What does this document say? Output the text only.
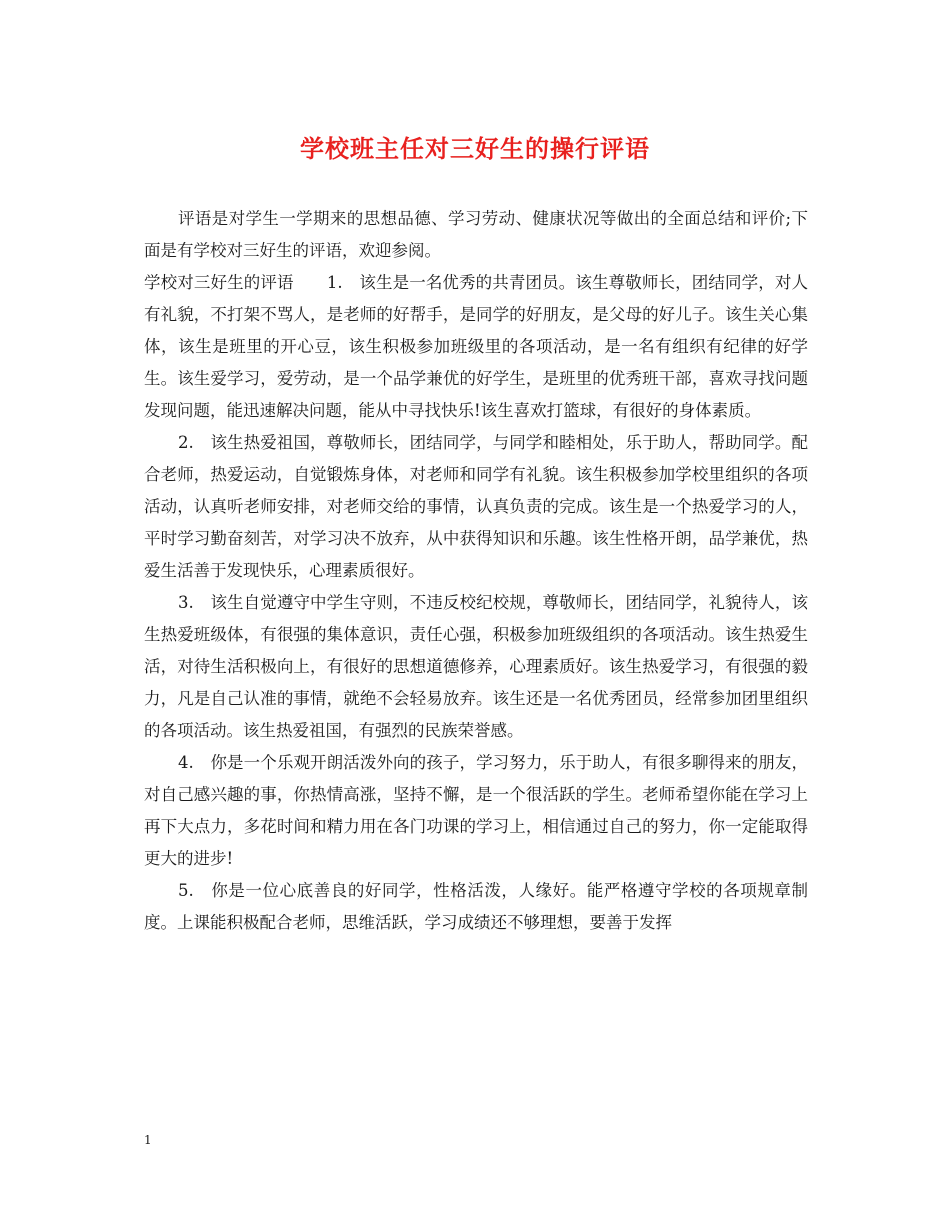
学校班主任对三好生的操行评语

评语是对学生一学期来的思想品德、学习劳动、健康状况等做出的全面总结和评价;下面是有学校对三好生的评语，欢迎参阅。

学校对三好生的评语　　1.　该生是一名优秀的共青团员。该生尊敬师长，团结同学，对人有礼貌，不打架不骂人，是老师的好帮手，是同学的好朋友，是父母的好儿子。该生关心集体，该生是班里的开心豆，该生积极参加班级里的各项活动，是一名有组织有纪律的好学生。该生爱学习，爱劳动，是一个品学兼优的好学生，是班里的优秀班干部，喜欢寻找问题发现问题，能迅速解决问题，能从中寻找快乐!该生喜欢打篮球，有很好的身体素质。

2.　该生热爱祖国，尊敬师长，团结同学，与同学和睦相处，乐于助人，帮助同学。配合老师，热爱运动，自觉锻炼身体，对老师和同学有礼貌。该生积极参加学校里组织的各项活动，认真听老师安排，对老师交给的事情，认真负责的完成。该生是一个热爱学习的人，平时学习勤奋刻苦，对学习决不放弃，从中获得知识和乐趣。该生性格开朗，品学兼优，热爱生活善于发现快乐，心理素质很好。

3.　该生自觉遵守中学生守则，不违反校纪校规，尊敬师长，团结同学，礼貌待人，该生热爱班级体，有很强的集体意识，责任心强，积极参加班级组织的各项活动。该生热爱生活，对待生活积极向上，有很好的思想道德修养，心理素质好。该生热爱学习，有很强的毅力，凡是自己认准的事情，就绝不会轻易放弃。该生还是一名优秀团员，经常参加团里组织的各项活动。该生热爱祖国，有强烈的民族荣誉感。

4.　你是一个乐观开朗活泼外向的孩子，学习努力，乐于助人，有很多聊得来的朋友，对自己感兴趣的事，你热情高涨，坚持不懈，是一个很活跃的学生。老师希望你能在学习上再下大点力，多花时间和精力用在各门功课的学习上，相信通过自己的努力，你一定能取得更大的进步!

5.　你是一位心底善良的好同学，性格活泼，人缘好。能严格遵守学校的各项规章制度。上课能积极配合老师，思维活跃，学习成绩还不够理想，要善于发挥

1
